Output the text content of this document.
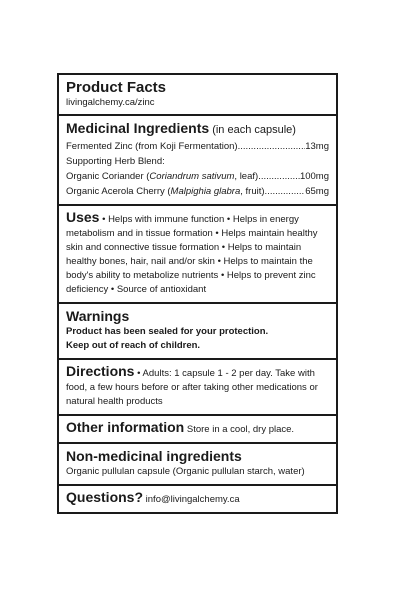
Product Facts
livingalchemy.ca/zinc
Medicinal Ingredients (in each capsule)
Fermented Zinc (from Koji Fermentation) .....	13mg
Supporting Herb Blend:
Organic Coriander (Coriandrum sativum, leaf) .....	100mg
Organic Acerola Cherry (Malpighia glabra, fruit) .....	65mg
Uses • Helps with immune function • Helps in energy metabolism and in tissue formation • Helps maintain healthy skin and connective tissue formation • Helps to maintain healthy bones, hair, nail and/or skin • Helps to maintain the body's ability to metabolize nutrients • Helps to prevent zinc deficiency • Source of antioxidant
Warnings
Product has been sealed for your protection.
Keep out of reach of children.
Directions • Adults: 1 capsule 1 - 2 per day. Take with food, a few hours before or after taking other medications or natural health products
Other information Store in a cool, dry place.
Non-medicinal ingredients
Organic pullulan capsule (Organic pullulan starch, water)
Questions? info@livingalchemy.ca
